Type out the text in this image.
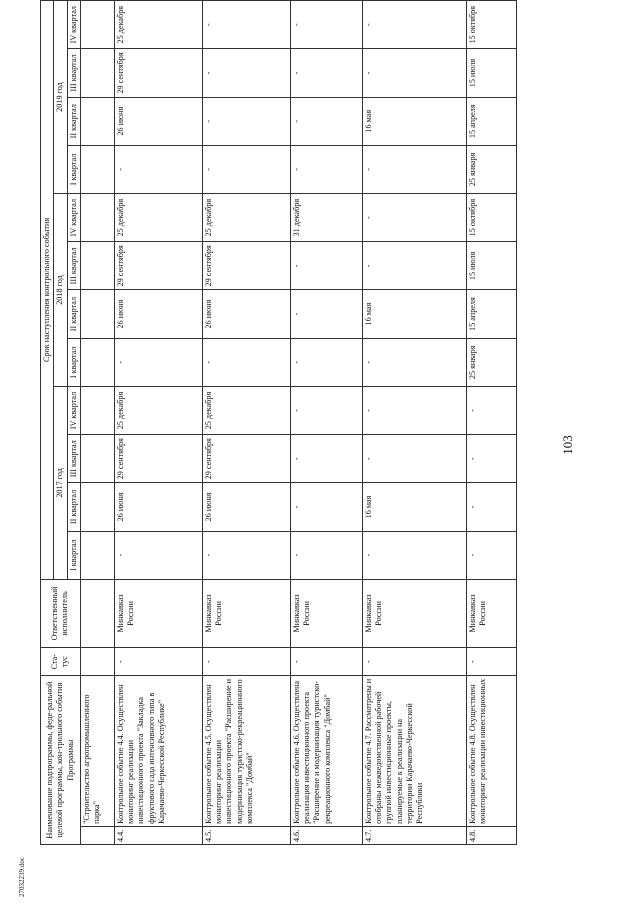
103
27032239.doc
Наименование подпрограммы, феде-ральной целевой программы, кон-трольного события Программы		Ста-тус	Ответственный исполнитель	Срок наступления контрольного события											
				2017 год				2018 год				2019 год			
				I квартал	II квартал	III квартал	IV квартал	I квартал	II квартал	III квартал	IV квартал	I квартал	II квартал	III квартал	IV квартал
	"Строительство агропромышленного парка"														
4.4.	Контрольное событие 4.4. Осуществлен мониторинг реализации инвестиционного проекта "Закладка фруктового сада интенсивного типа в Карачаево-Черкесской Республике"	-	Минкавказ России	-	26 июня	29 сентября	25 декабря	-	26 июня	29 сентября	25 декабря	-	26 июня	29 сентября	25 декабря
4.5.	Контрольное событие 4.5. Осуществлен мониторинг реализации инвестиционного проекта "Расширение и модернизация туристско-рекреационного комплекса "Домбай"	-	Минкавказ России	-	26 июня	29 сентября	25 декабря	-	26 июня	29 сентября	25 декабря	-	-	-	-
4.6.	Контрольное событие 4.6. Осуществлена реализация инвестиционного проекта "Расширение и модернизация туристско-рекреационного комплекса "Домбай"	-	Минкавказ России	-	-	-	-	-	-	-	31 декабря	-	-	-	-
4.7.	Контрольное событие 4.7. Рассмотрены и отобраны межведомственной рабочей группой инвестиционные проекты, планируемые к реализации на территории Карачаево-Черкесской Республики	-	Минкавказ России	-	16 мая	-	-	-	16 мая	-	-	-	16 мая	-	-
4.8.	Контрольное событие 4.8. Осуществлен мониторинг реализации инвестиционных	-	Минкавказ России	-	-	-	-	25 января	15 апреля	15 июля	15 октября	25 января	15 апреля	15 июля	15 октября
